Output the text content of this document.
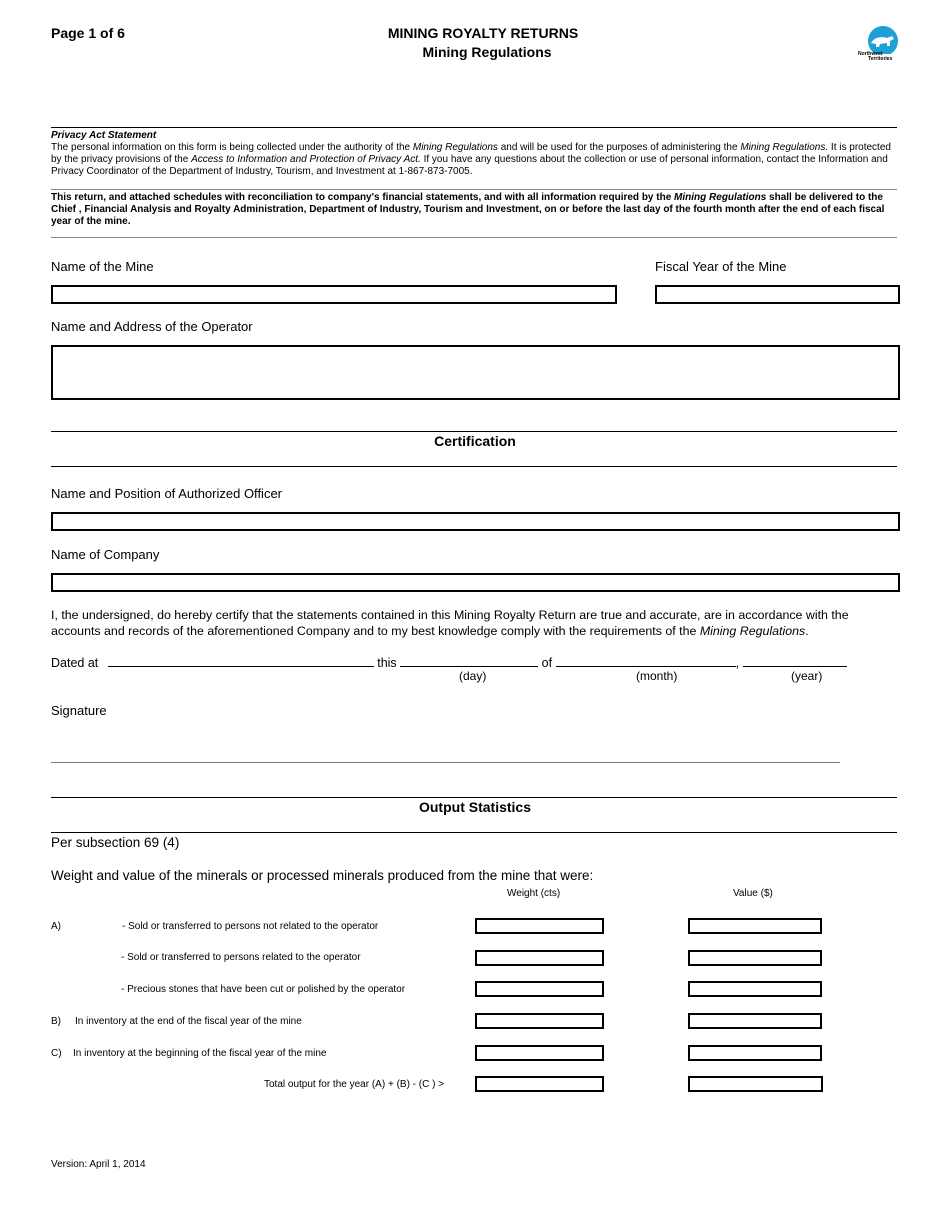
Page 1 of 6	MINING ROYALTY RETURNS
Mining Regulations	Northwest
Territories
Privacy Act Statement
The personal information on this form is being collected under the authority of the Mining Regulations and will be used for the purposes of administering the Mining Regulations. It is protected by the privacy provisions of the Access to Information and Protection of Privacy Act. If you have any questions about the collection or use of personal information, contact the Information and Privacy Coordinator of the Department of Industry, Tourism, and Investment at 1-867-873-7005.
This return, and attached schedules with reconciliation to company's financial statements, and with all information required by the Mining Regulations shall be delivered to the Chief , Financial Analysis and Royalty Administration, Department of Industry, Tourism and Investment, on or before the last day of the fourth month after the end of each fiscal year of the mine.
Name of the Mine	Fiscal Year of the Mine
Name and Address of the Operator
Certification
Name and Position of Authorized Officer
Name of Company
I, the undersigned, do hereby certify that the statements contained in this Mining Royalty Return are true and accurate, are in accordance with the accounts and records of the aforementioned Company and to my best knowledge comply with the requirements of the Mining Regulations.
Dated at	this	of	,
(day)	(month)	(year)
Signature
Output Statistics
Per subsection 69 (4)
Weight and value of the minerals or processed minerals produced from the mine that were:
Weight (cts)	Value ($)
A)	- Sold or transferred to persons not related to the operator
- Sold or transferred to persons related to the operator
- Precious stones that have been cut or polished by the operator
B) In inventory at the end of the fiscal year of the mine
C) In inventory at the beginning of the fiscal year of the mine
Total output for the year (A) + (B) - (C ) >
Version: April 1, 2014
